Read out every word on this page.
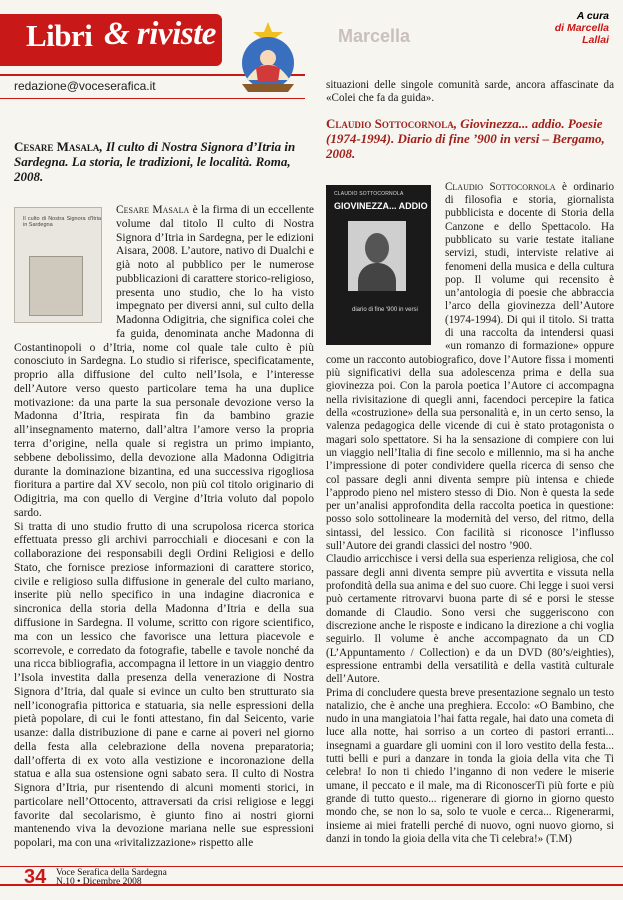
Libri & riviste
redazione@voceserafica.it
Marcella
A cura
di Marcella Lallai

Cesare Masala, Il culto di Nostra Signora d’Itria in Sardegna. La storia, le tradizioni, le località. Roma, 2008.

Il culto di Nostra Signora d'Itria in Sardegna

Cesare Masala è la firma di un eccellente volume dal titolo Il culto di Nostra Signora d’Itria in Sardegna, per le edizioni Aisara, 2008. L’autore, nativo di Dualchi e già noto al pubblico per le numerose pubblicazioni di carattere storico-religioso, presenta uno studio, che lo ha visto impegnato per diversi anni, sul culto della Madonna Odigitria, che significa colei che fa guida, denominata anche Madonna di Costantinopoli o d’Itria, nome col quale tale culto è più conosciuto in Sardegna. Lo studio si riferisce, specificatamente, proprio alla diffusione del culto nell’Isola, e l’interesse dell’Autore verso questo particolare tema ha una duplice motivazione: da una parte la sua personale devozione verso la Madonna d’Itria, respirata fin da bambino grazie all’insegnamento materno, dall’altra l’amore verso la propria terra d’origine, nella quale si registra un primo impianto, sebbene debolissimo, della devozione alla Madonna Odigitria durante la dominazione bizantina, ed una successiva rigogliosa fioritura a partire dal XV secolo, non più col titolo originario di Odigitria, ma con quello di Vergine d’Itria voluto dal popolo sardo.

Si tratta di uno studio frutto di una scrupolosa ricerca storica effettuata presso gli archivi parrocchiali e diocesani e con la collaborazione dei responsabili degli Ordini Religiosi e dello Stato, che fornisce preziose informazioni di carattere storico, civile e religioso sulla diffusione in generale del culto mariano, inserite più nello specifico in una indagine diacronica e sincronica della storia della Madonna d’Itria e della sua diffusione in Sardegna. Il volume, scritto con rigore scientifico, ma con un lessico che favorisce una lettura piacevole e scorrevole, e corredato da fotografie, tabelle e tavole nonché da una ricca bibliografia, accompagna il lettore in un viaggio dentro l’Isola investita dalla presenza della venerazione di Nostra Signora d’Itria, dal quale si evince un culto ben strutturato sia nell’iconografia pittorica e statuaria, sia nelle espressioni della pietà popolare, di cui le fonti attestano, fin dal Seicento, varie usanze: dalla distribuzione di pane e carne ai poveri nel giorno della festa alla celebrazione della novena preparatoria; dall’offerta di ex voto alla vestizione e incoronazione della statua e alla sua ostensione ogni sabato sera. Il culto di Nostra Signora d’Itria, pur risentendo di alcuni momenti storici, in particolare nell’Ottocento, attraversati da crisi religiose e leggi favorite dal secolarismo, è giunto fino ai nostri giorni mantenendo viva la devozione mariana nelle sue espressioni popolari, ma con una «rivitalizzazione» rispetto alle

situazioni delle singole comunità sarde, ancora affascinate da «Colei che fa da guida».

Claudio Sottocornola, Giovinezza... addio. Poesie (1974-1994). Diario di fine ’900 in versi – Bergamo, 2008.

CLAUDIO SOTTOCORNOLA
GIOVINEZZA... ADDIO
diario di fine '900 in versi

Claudio Sottocornola è ordinario di filosofia e storia, giornalista pubblicista e docente di Storia della Canzone e dello Spettacolo. Ha pubblicato su varie testate italiane servizi, studi, interviste relative ai fenomeni della musica e della cultura pop. Il volume qui recensito è un’antologia di poesie che abbraccia l’arco della giovinezza dell’Autore (1974-1994). Di qui il titolo. Si tratta di una raccolta da intendersi quasi «un romanzo di formazione» oppure come un racconto autobiografico, dove l’Autore fissa i momenti più significativi della sua adolescenza prima e della sua giovinezza poi. Con la parola poetica l’Autore ci accompagna nella rivisitazione di quegli anni, facendoci percepire la fatica della «costruzione» della sua personalità e, in un certo senso, la valenza pedagogica delle vicende di cui è stato protagonista o magari solo spettatore. Si ha la sensazione di compiere con lui un viaggio nell’Italia di fine secolo e millennio, ma si ha anche l’impressione di poter condividere quella ricerca di senso che col passare degli anni diventa sempre più intensa e chiede l’approdo pieno nel mistero stesso di Dio. Non è questa la sede per un’analisi approfondita della raccolta poetica in questione: posso solo sottolineare la modernità del verso, del ritmo, della sintassi, del lessico. Con facilità si riconosce l’influsso sull’Autore dei grandi classici del nostro ’900.

Claudio arricchisce i versi della sua esperienza religiosa, che col passare degli anni diventa sempre più avvertita e vissuta nella profondità della sua anima e del suo cuore. Chi legge i suoi versi può certamente ritrovarvi buona parte di sé e porsi le stesse domande di Claudio. Sono versi che suggeriscono con discrezione anche le risposte e indicano la direzione a chi voglia seguirlo. Il volume è anche accompagnato da un CD (L’Appuntamento / Collection) e da un DVD (80’s/eighties), espressione entrambi della versatilità e della vastità culturale dell’Autore.

Prima di concludere questa breve presentazione segnalo un testo natalizio, che è anche una preghiera. Eccolo: «O Bambino, che nudo in una mangiatoia l’hai fatta regale, hai dato una cometa di luce alla notte, hai sorriso a un corteo di pastori erranti... insegnami a guardare gli uomini con il loro vestito della festa... tutti belli e puri a danzare in tonda la gioia della vita che Ti celebra! Io non ti chiedo l’inganno di non vedere le miserie umane, il peccato e il male, ma di RiconoscerTi più forte e più grande di tutto questo... rigenerare di giorno in giorno questo mondo che, se non lo sa, solo te vuole e cerca... Rigenerarmi, insieme ai miei fratelli perché di nuovo, ogni nuovo giorno, si danzi in tondo la gioia della vita che Ti celebra!» (T.M)

34 Voce Serafica della Sardegna
N.10 • Dicembre 2008
